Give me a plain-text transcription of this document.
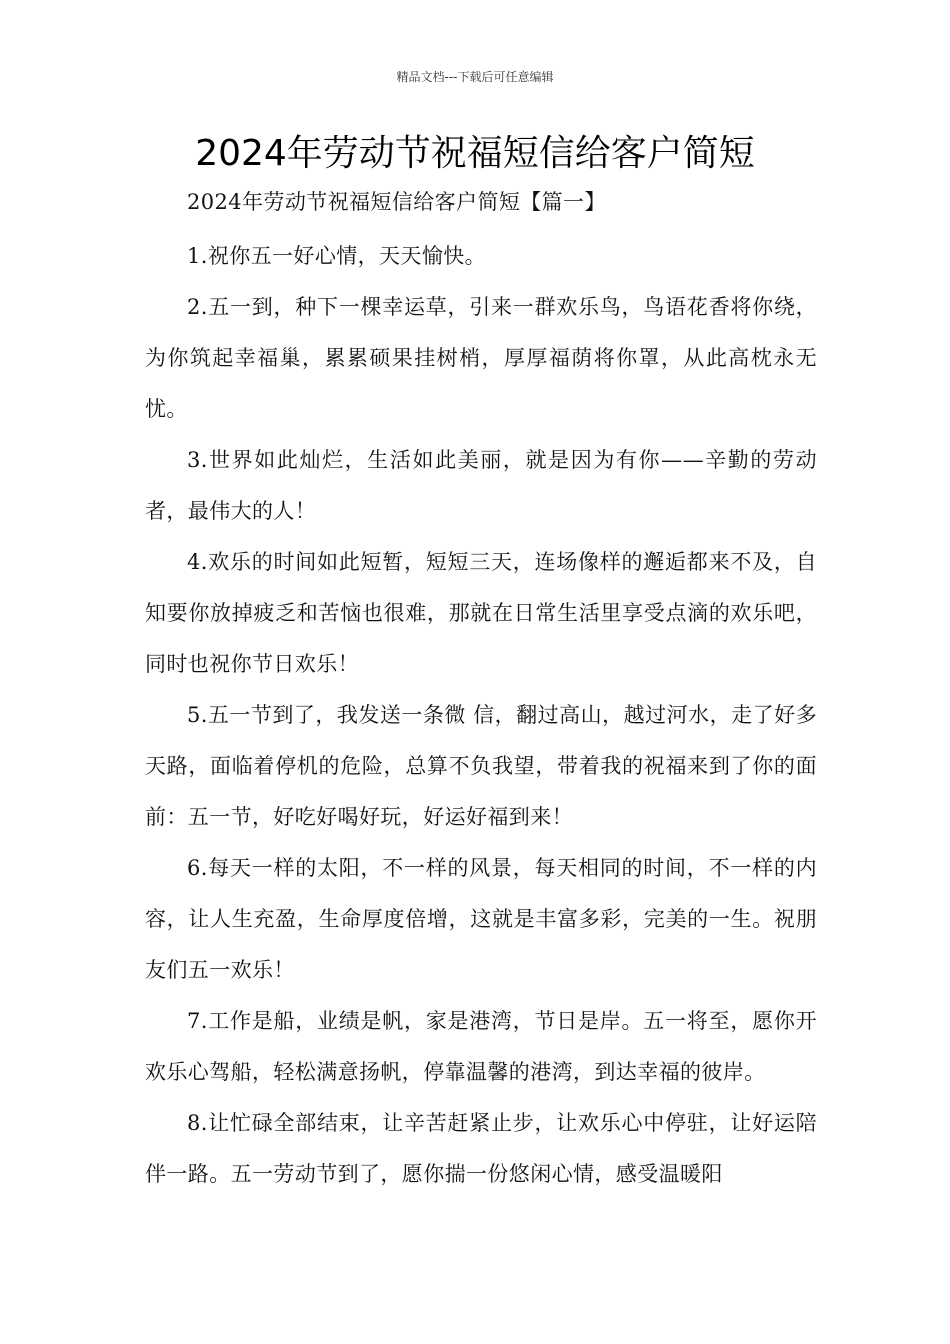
精品文档---下载后可任意编辑
2024年劳动节祝福短信给客户简短

2024年劳动节祝福短信给客户简短【篇一】

1.祝你五一好心情，天天愉快。

2.五一到，种下一棵幸运草，引来一群欢乐鸟，鸟语花香将你绕，为你筑起幸福巢，累累硕果挂树梢，厚厚福荫将你罩，从此高枕永无忧。

3.世界如此灿烂，生活如此美丽，就是因为有你——辛勤的劳动者，最伟大的人！

4.欢乐的时间如此短暂，短短三天，连场像样的邂逅都来不及，自知要你放掉疲乏和苦恼也很难，那就在日常生活里享受点滴的欢乐吧，同时也祝你节日欢乐！

5.五一节到了，我发送一条微 信，翻过高山，越过河水，走了好多天路，面临着停机的危险，总算不负我望，带着我的祝福来到了你的面前：五一节，好吃好喝好玩，好运好福到来！

6.每天一样的太阳，不一样的风景，每天相同的时间，不一样的内容，让人生充盈，生命厚度倍增，这就是丰富多彩，完美的一生。祝朋友们五一欢乐！

7.工作是船，业绩是帆，家是港湾，节日是岸。五一将至，愿你开欢乐心驾船，轻松满意扬帆，停靠温馨的港湾，到达幸福的彼岸。

8.让忙碌全部结束，让辛苦赶紧止步，让欢乐心中停驻，让好运陪伴一路。五一劳动节到了，愿你揣一份悠闲心情，感受温暖阳
